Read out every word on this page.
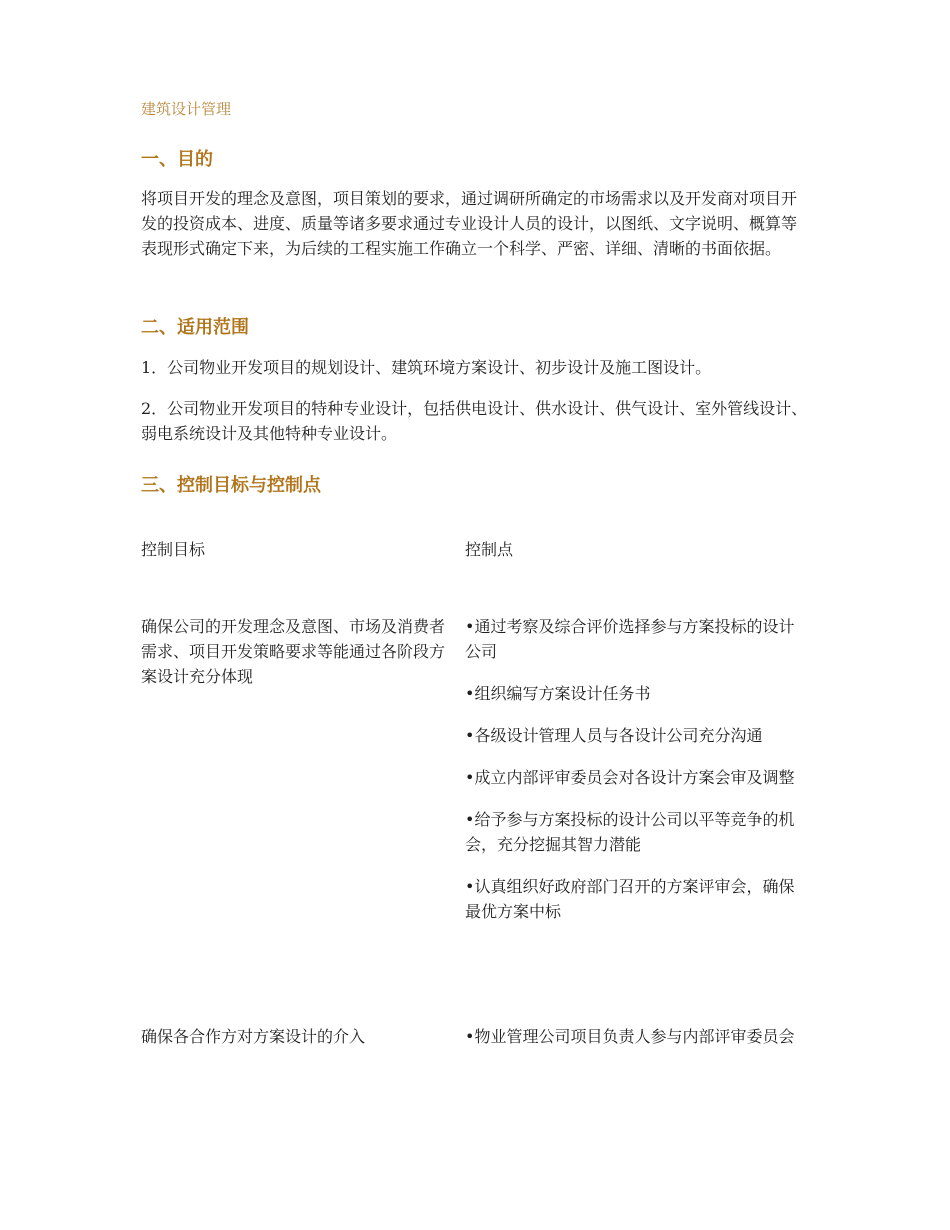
建筑设计管理
一、目的

将项目开发的理念及意图，项目策划的要求，通过调研所确定的市场需求以及开发商对项目开发的投资成本、进度、质量等诸多要求通过专业设计人员的设计，以图纸、文字说明、概算等表现形式确定下来，为后续的工程实施工作确立一个科学、严密、详细、清晰的书面依据。

二、适用范围

1．公司物业开发项目的规划设计、建筑环境方案设计、初步设计及施工图设计。

2．公司物业开发项目的特种专业设计，包括供电设计、供水设计、供气设计、室外管线设计、弱电系统设计及其他特种专业设计。

三、控制目标与控制点
控制目标	控制点
确保公司的开发理念及意图、市场及消费者需求、项目开发策略要求等能通过各阶段方案设计充分体现

•通过考察及综合评价选择参与方案投标的设计公司

•组织编写方案设计任务书

•各级设计管理人员与各设计公司充分沟通

•成立内部评审委员会对各设计方案会审及调整

•给予参与方案投标的设计公司以平等竞争的机会，充分挖掘其智力潜能

•认真组织好政府部门召开的方案评审会，确保最优方案中标

确保各合作方对方案设计的介入	•物业管理公司项目负责人参与内部评审委员会
